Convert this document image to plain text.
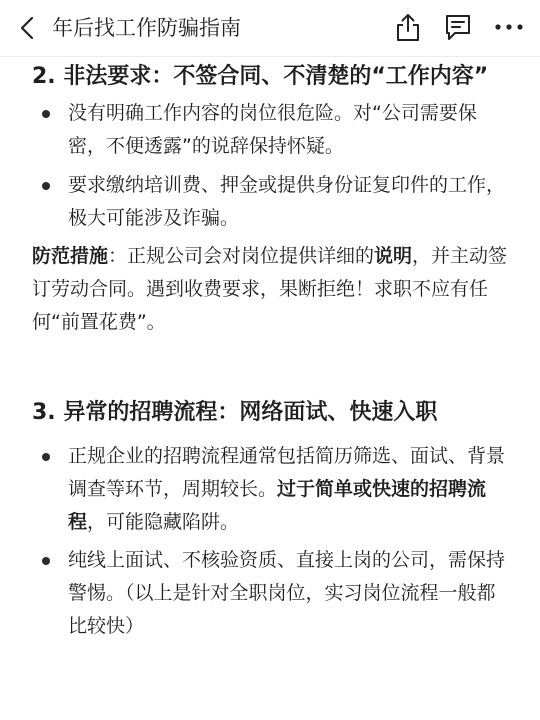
年后找工作防骗指南
2. 非法要求：不签合同、不清楚的“工作内容”
没有明确工作内容的岗位很危险。对“公司需要保密，不便透露”的说辞保持怀疑。
要求缴纳培训费、押金或提供身份证复印件的工作，极大可能涉及诈骗。
防范措施：正规公司会对岗位提供详细的说明，并主动签订劳动合同。遇到收费要求，果断拒绝！求职不应有任何“前置花费”。
3. 异常的招聘流程：网络面试、快速入职
正规企业的招聘流程通常包括简历筛选、面试、背景调查等环节，周期较长。过于简单或快速的招聘流程，可能隐藏陷阱。
纯线上面试、不核验资质、直接上岗的公司，需保持警惕。（以上是针对全职岗位，实习岗位流程一般都比较快）
